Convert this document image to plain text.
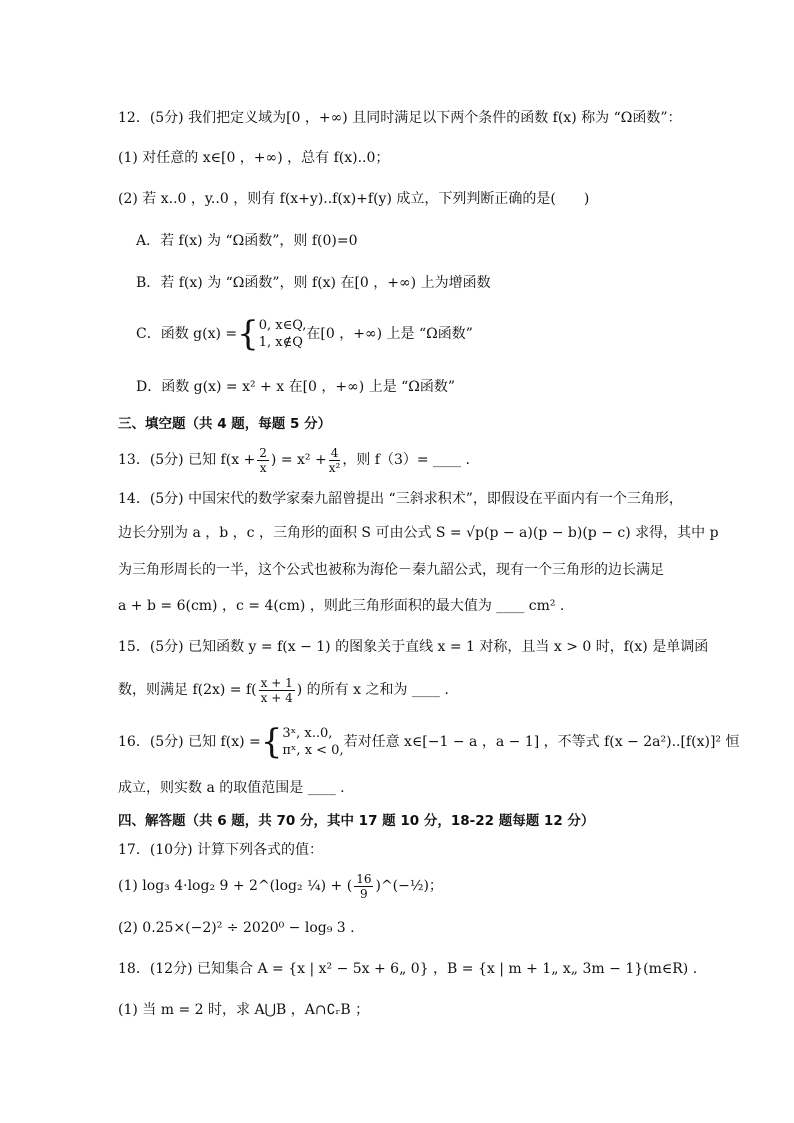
12．(5分) 我们把定义域为[0 ，+∞) 且同时满足以下两个条件的函数 f(x) 称为 “Ω函数”：
(1) 对任意的 x∈[0 ，+∞) ，总有 f(x)..0；
(2) 若 x..0 ，y..0 ，则有 f(x+y)..f(x)+f(y) 成立，下列判断正确的是(　　)
A．若 f(x) 为 “Ω函数”，则 f(0)=0
B．若 f(x) 为 “Ω函数”，则 f(x) 在[0 ，+∞) 上为增函数
C．函数 g(x) = { 0, x∈Q,
1, x∉Q
在[0 ，+∞) 上是 “Ω函数”
D．函数 g(x) = x² + x 在[0 ，+∞) 上是 “Ω函数”
三、填空题（共 4 题，每题 5 分）
13．(5分) 已知 $f(x + \frac{2}{x}$ ) = $x^2 + \frac{4}{\text{x²}}$ ，则 f（3）= ____ .
14．(5分) 中国宋代的数学家秦九韶曾提出 “三斜求积术”，即假设在平面内有一个三角形，
边长分别为 a ，b ，c ，三角形的面积 S 可由公式 S = √p(p − a)(p − b)(p − c) 求得，其中 p
为三角形周长的一半，这个公式也被称为海伦－秦九韶公式，现有一个三角形的边长满足
a + b = 6(cm) ，c = 4(cm) ，则此三角形面积的最大值为 ____ cm² .
15．(5分) 已知函数 y = f(x − 1) 的图象关于直线 x = 1 对称，且当 x > 0 时，f(x) 是单调函
数，则满足 $f(2x) = f( \frac{x + 1}{x + 4}$ ) 的所有 x 之和为 ____ .
16．(5分) 已知 f(x) = { 3ˣ, x..0,
πˣ, x < 0,
若对任意 x∈[−1 − a ，a − 1] ，不等式 f(x − 2a²)..[f(x)]² 恒
成立，则实数 a 的取值范围是 ____ .
四、解答题（共 6 题，共 70 分，其中 17 题 10 分，18-22 题每题 12 分）
17．(10分) 计算下列各式的值：
(1) log₃ 4·log₂ 9 + 2^(log₂ ¼) + ( $\frac{16}{9}$ )^(−½)；
(2) 0.25×(−2)² ÷ 2020⁰ − log₉ 3 .
18．(12分) 已知集合 A = {x | x² − 5x + 6„ 0} ，B = {x | m + 1„ x„ 3m − 1}(m∈R) .
(1) 当 m = 2 时，求 A⋃B ，A∩∁ᵣB ；
